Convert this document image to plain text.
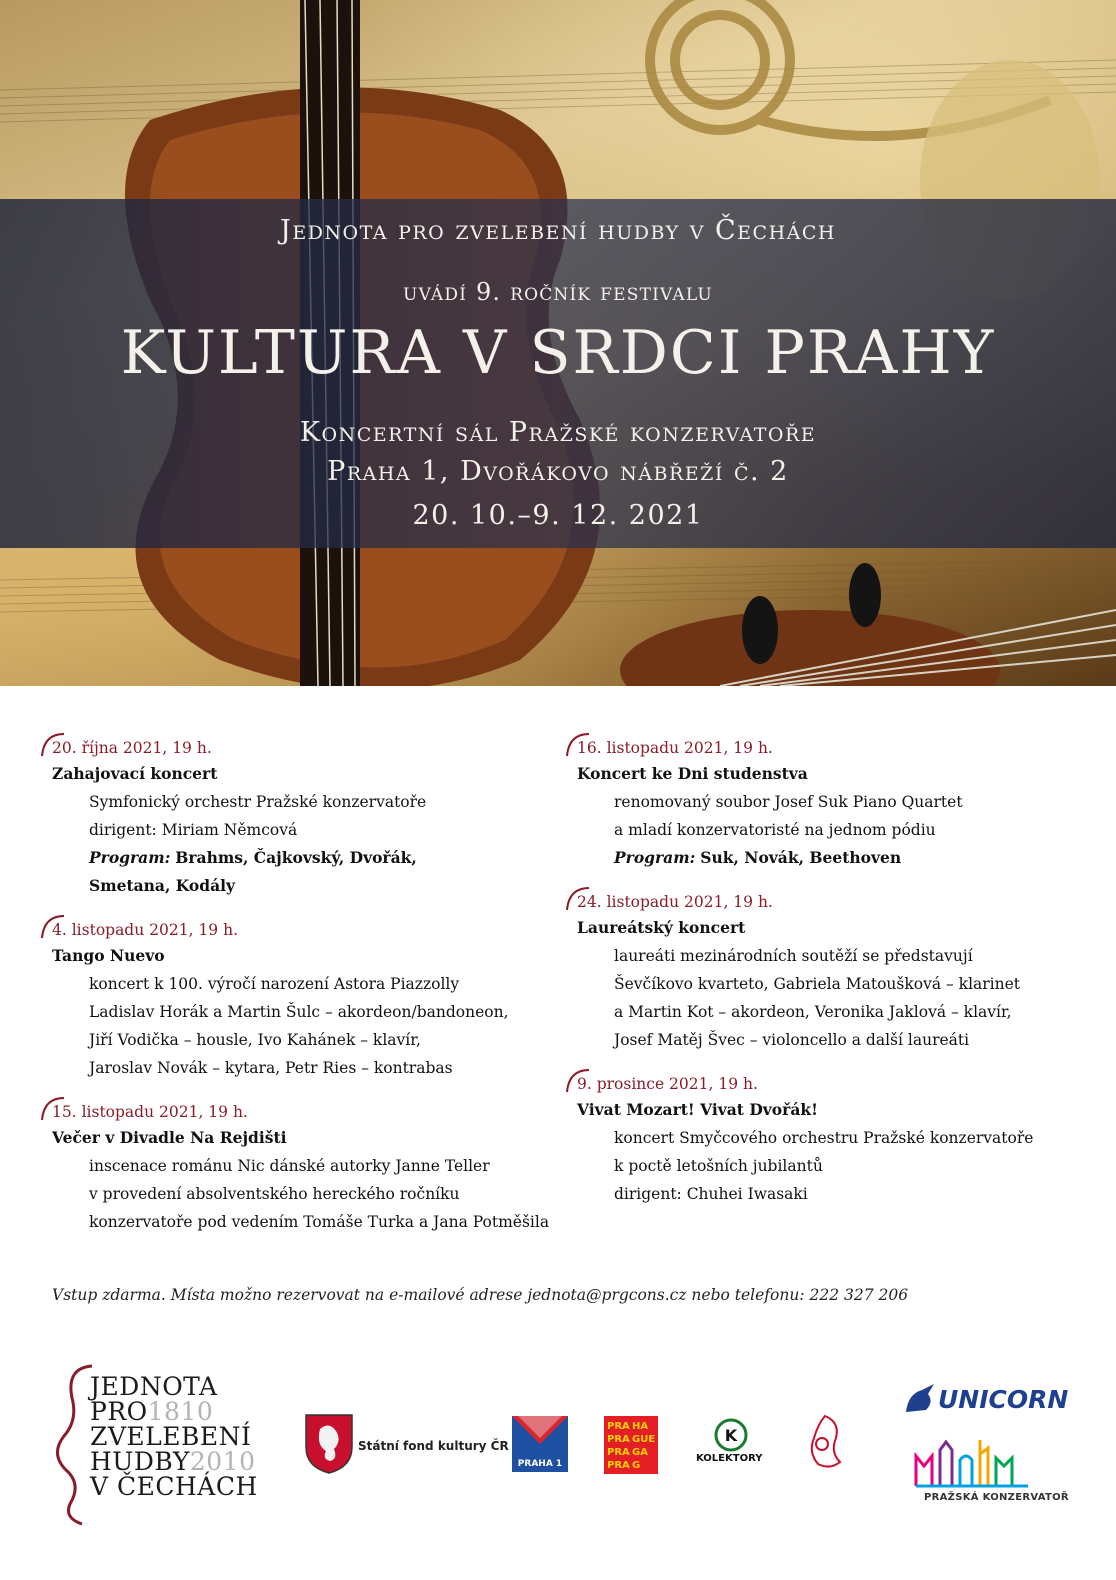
Jednota pro zvelebení hudby v Čechách
uvádí 9. ročník festivalu
KULTURA V SRDCI PRAHY
Koncertní sál Pražské konzervatoře
Praha 1, Dvořákovo nábřeží č. 2
20. 10.–9. 12. 2021
20. října 2021, 19 h.
Zahajovací koncert
Symfonický orchestr Pražské konzervatoře
dirigent: Miriam Němcová
Program: Brahms, Čajkovský, Dvořák,
Smetana, Kodály
4. listopadu 2021, 19 h.
Tango Nuevo
koncert k 100. výročí narození Astora Piazzolly
Ladislav Horák a Martin Šulc – akordeon/bandoneon,
Jiří Vodička – housle, Ivo Kahánek – klavír,
Jaroslav Novák – kytara, Petr Ries – kontrabas
15. listopadu 2021, 19 h.
Večer v Divadle Na Rejdišti
inscenace románu Nic dánské autorky Janne Teller
v provedení absolventského hereckého ročníku
konzervatoře pod vedením Tomáše Turka a Jana Potměšila
16. listopadu 2021, 19 h.
Koncert ke Dni studenstva
renomovaný soubor Josef Suk Piano Quartet
a mladí konzervatoristé na jednom pódiu
Program: Suk, Novák, Beethoven
24. listopadu 2021, 19 h.
Laureátský koncert
laureáti mezinárodních soutěží se představují
Ševčíkovo kvarteto, Gabriela Matoušková – klarinet
a Martin Kot – akordeon, Veronika Jaklová – klavír,
Josef Matěj Švec – violoncello a další laureáti
9. prosince 2021, 19 h.
Vivat Mozart! Vivat Dvořák!
koncert Smyčcového orchestru Pražské konzervatoře
k poctě letošních jubilantů
dirigent: Chuhei Iwasaki
Vstup zdarma. Místa možno rezervovat na e-mailové adrese jednota@prgcons.cz nebo telefonu: 222 327 206
JEDNOTA
PRO1810
ZVELEBENÍ
HUDBY2010
V ČECHÁCH
Státní fond kultury ČR
PRAHA 1
PRA
PRA
PRA
PRA
HA
GUE
GA
G
K
KOLEKTORY
UNICORN
PRAŽSKÁ KONZERVATOŘ
